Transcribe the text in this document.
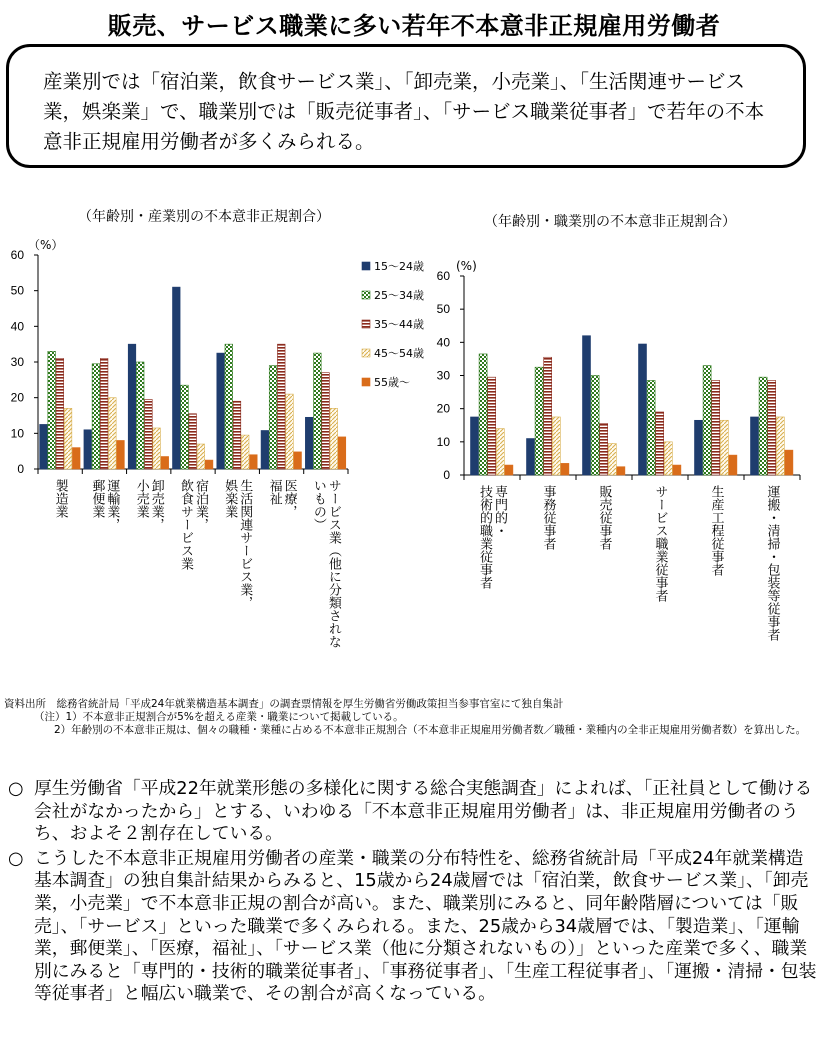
販売、サービス職業に多い若年不本意非正規雇用労働者
産業別では「宿泊業，飲食サービス業」、「卸売業，小売業」、「生活関連サービス業，娯楽業」で、職業別では「販売従事者」、「サービス職業従事者」で若年の不本意非正規雇用労働者が多くみられる。
（年齢別・産業別の不本意非正規割合）	（年齢別・職業別の不本意非正規割合）
0
10
20
30
40
50
60
（%）
製造業	運輸業，
郵便業	卸売業，
小売業	宿泊業，
飲食サービス業	生活関連サービス業，
娯楽業	医療，
福祉	サービス業（他に分類されな
いもの）
15～24歳
25～34歳
35～44歳
45～54歳
55歳～
0
10
20
30
40
50
60
(%)
専門的・
技術的職業従事者	事務従事者	販売従事者	サービス職業従事者	生産工程従事者	運搬・清掃・包装等従事者
資料出所　総務省統計局「平成24年就業構造基本調査」の調査票情報を厚生労働省労働政策担当参事官室にて独自集計
（注）1）不本意非正規割合が5%を超える産業・職業について掲載している。
2）年齢別の不本意非正規は、個々の職種・業種に占める不本意非正規割合（不本意非正規雇用労働者数／職種・業種内の全非正規雇用労働者数）を算出した。
○ 厚生労働省「平成22年就業形態の多様化に関する総合実態調査」によれば、「正社員として働ける会社がなかったから」とする、いわゆる「不本意非正規雇用労働者」は、非正規雇用労働者のうち、およそ２割存在している。
○ こうした不本意非正規雇用労働者の産業・職業の分布特性を、総務省統計局「平成24年就業構造基本調査」の独自集計結果からみると、15歳から24歳層では「宿泊業，飲食サービス業」、「卸売業，小売業」で不本意非正規の割合が高い。また、職業別にみると、同年齢階層については「販売」、「サービス」といった職業で多くみられる。また、25歳から34歳層では、「製造業」、「運輸業，郵便業」、「医療，福祉」、「サービス業（他に分類されないもの）」といった産業で多く、職業別にみると「専門的・技術的職業従事者」、「事務従事者」、「生産工程従事者」、「運搬・清掃・包装等従事者」と幅広い職業で、その割合が高くなっている。
